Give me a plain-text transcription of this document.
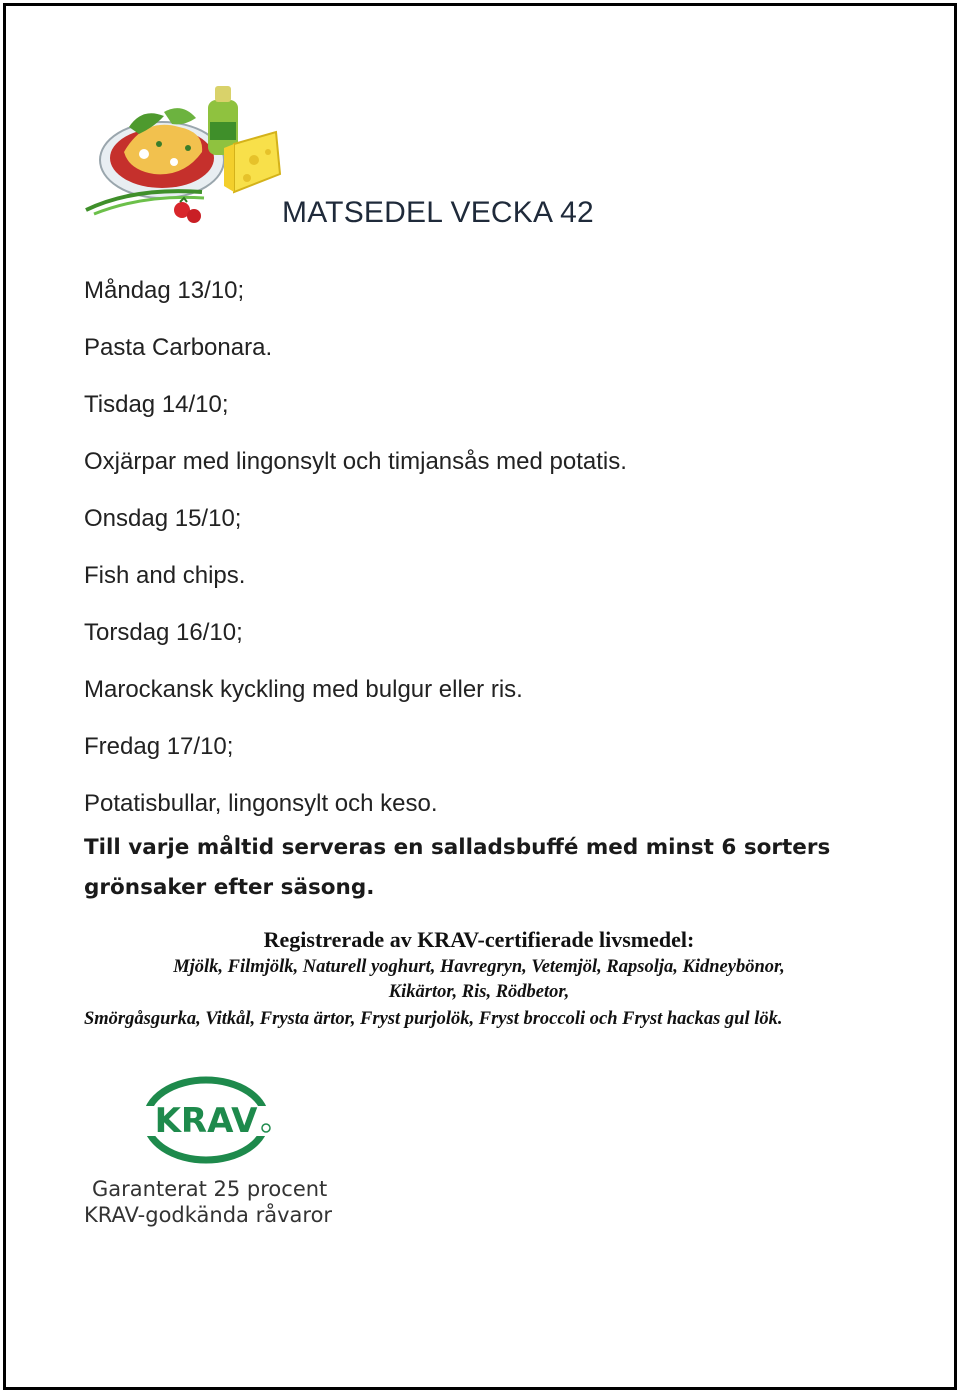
MATSEDEL VECKA 42
Måndag 13/10;
Pasta Carbonara.
Tisdag 14/10;
Oxjärpar med lingonsylt och timjansås med potatis.
Onsdag 15/10;
Fish and chips.
Torsdag 16/10;
Marockansk kyckling med bulgur eller ris.
Fredag 17/10;
Potatisbullar, lingonsylt och keso.
Till varje måltid serveras en salladsbuffé med minst 6 sorters grönsaker efter säsong.
Registrerade av KRAV-certifierade livsmedel:
Mjölk, Filmjölk, Naturell yoghurt, Havregryn, Vetemjöl, Rapsolja, Kidneybönor,
Kikärtor, Ris, Rödbetor,
Smörgåsgurka, Vitkål, Frysta ärtor, Fryst purjolök, Fryst broccoli och Fryst hackas gul lök.
KRAV
Garanterat 25 procent
KRAV-godkända råvaror
